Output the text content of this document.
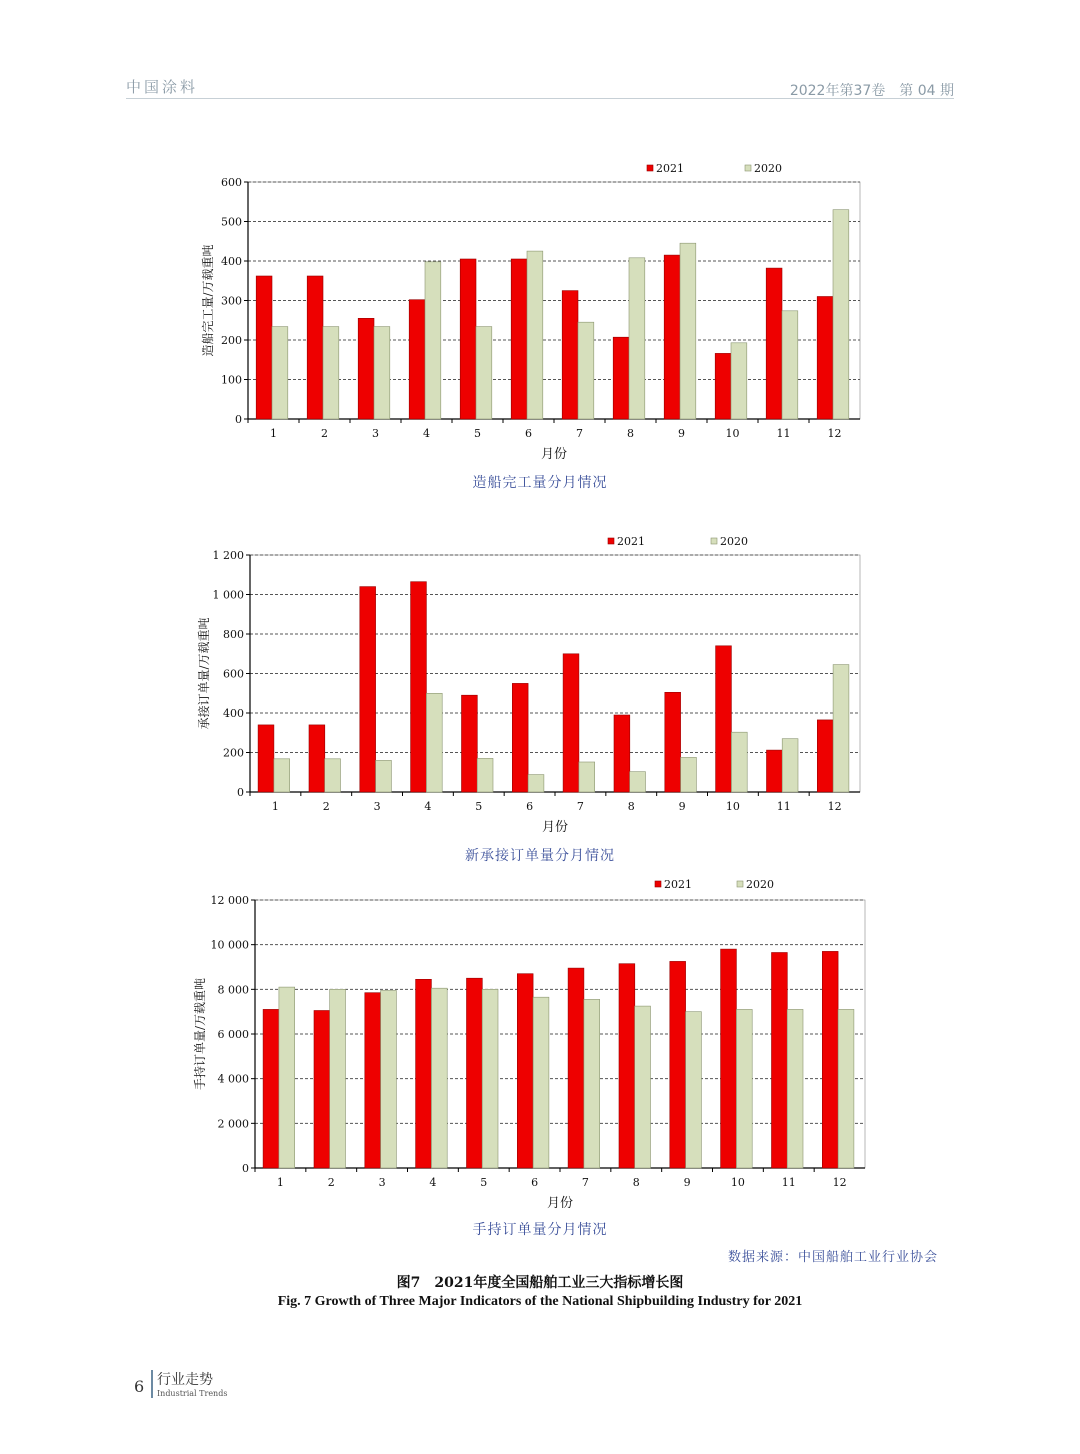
中国涂料	2022年第37卷　第 04 期
0
100
200
300
400
500
600
1	2	3	4	5	6	7	8	9	10	11	12
月份
造船完工量/万载重吨
2021	2020
造船完工量分月情况
0
200
400
600
800
1 000
1 200
1	2	3	4	5	6	7	8	9	10	11	12
月份
承接订单量/万载重吨
2021	2020
新承接订单量分月情况
0
2 000
4 000
6 000
8 000
10 000
12 000
1	2	3	4	5	6	7	8	9	10	11	12
月份
手持订单量/万载重吨
2021	2020
手持订单量分月情况
数据来源：中国船舶工业行业协会
图7　2021年度全国船舶工业三大指标增长图
Fig. 7 Growth of Three Major Indicators of the National Shipbuilding Industry for 2021
6 行业走势
Industrial Trends
